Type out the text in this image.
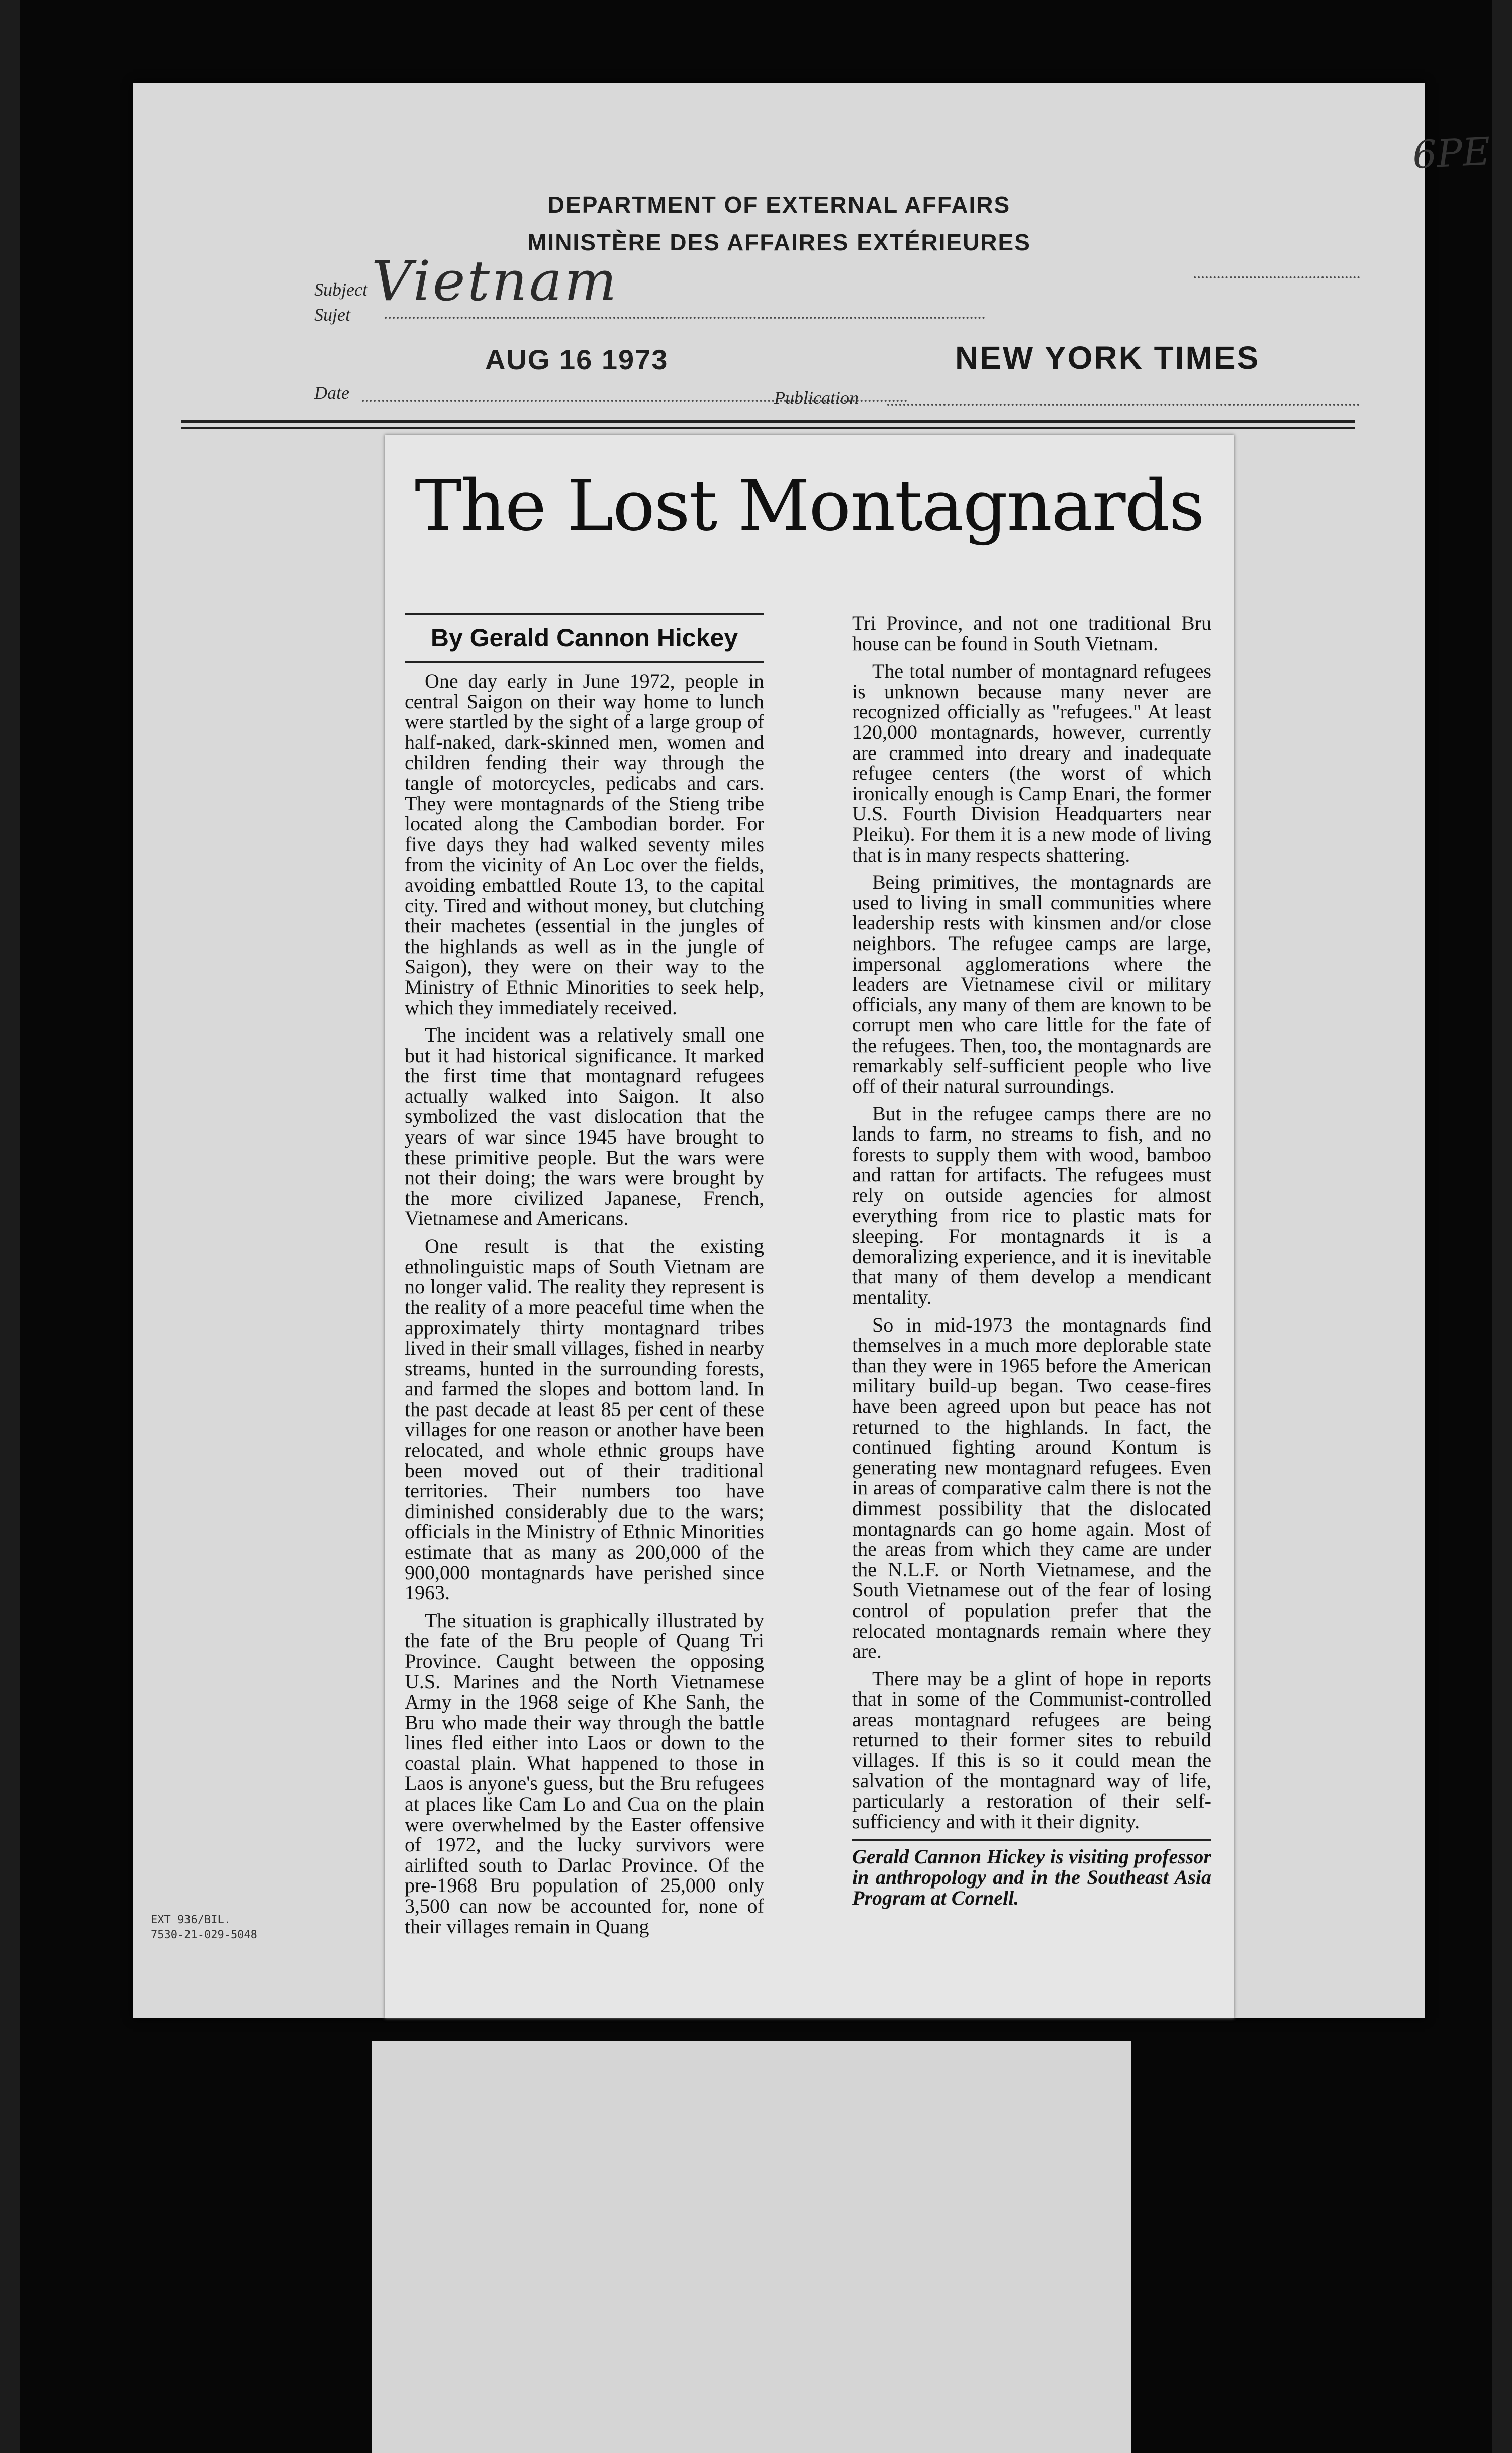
6PE
DEPARTMENT OF EXTERNAL AFFAIRS
MINISTÈRE DES AFFAIRES EXTÉRIEURES
Subject
Sujet
Vietnam
AUG 16 1973	NEW YORK TIMES
Date	Publication
The Lost Montagnards
By Gerald Cannon Hickey

One day early in June 1972, people in central Saigon on their way home to lunch were startled by the sight of a large group of half-naked, dark-skinned men, women and children fending their way through the tangle of motorcycles, pedicabs and cars. They were montagnards of the Stieng tribe located along the Cambodian border. For five days they had walked seventy miles from the vicinity of An Loc over the fields, avoiding embattled Route 13, to the capital city. Tired and without money, but clutching their machetes (essential in the jungles of the highlands as well as in the jungle of Saigon), they were on their way to the Ministry of Ethnic Minorities to seek help, which they immediately received.

The incident was a relatively small one but it had historical significance. It marked the first time that montagnard refugees actually walked into Saigon. It also symbolized the vast dislocation that the years of war since 1945 have brought to these primitive people. But the wars were not their doing; the wars were brought by the more civilized Japanese, French, Vietnamese and Americans.

One result is that the existing ethnolinguistic maps of South Vietnam are no longer valid. The reality they represent is the reality of a more peaceful time when the approximately thirty montagnard tribes lived in their small villages, fished in nearby streams, hunted in the surrounding forests, and farmed the slopes and bottom land. In the past decade at least 85 per cent of these villages for one reason or another have been relocated, and whole ethnic groups have been moved out of their traditional territories. Their numbers too have diminished considerably due to the wars; officials in the Ministry of Ethnic Minorities estimate that as many as 200,000 of the 900,000 montagnards have perished since 1963.

The situation is graphically illustrated by the fate of the Bru people of Quang Tri Province. Caught between the opposing U.S. Marines and the North Vietnamese Army in the 1968 seige of Khe Sanh, the Bru who made their way through the battle lines fled either into Laos or down to the coastal plain. What happened to those in Laos is anyone's guess, but the Bru refugees at places like Cam Lo and Cua on the plain were overwhelmed by the Easter offensive of 1972, and the lucky survivors were airlifted south to Darlac Province. Of the pre-1968 Bru population of 25,000 only 3,500 can now be accounted for, none of their villages remain in Quang

Tri Province, and not one traditional Bru house can be found in South Vietnam.

The total number of montagnard refugees is unknown because many never are recognized officially as "refugees." At least 120,000 montagnards, however, currently are crammed into dreary and inadequate refugee centers (the worst of which ironically enough is Camp Enari, the former U.S. Fourth Division Headquarters near Pleiku). For them it is a new mode of living that is in many respects shattering.

Being primitives, the montagnards are used to living in small communities where leadership rests with kinsmen and/or close neighbors. The refugee camps are large, impersonal agglomerations where the leaders are Vietnamese civil or military officials, any many of them are known to be corrupt men who care little for the fate of the refugees. Then, too, the montagnards are remarkably self-sufficient people who live off of their natural surroundings.

But in the refugee camps there are no lands to farm, no streams to fish, and no forests to supply them with wood, bamboo and rattan for artifacts. The refugees must rely on outside agencies for almost everything from rice to plastic mats for sleeping. For montagnards it is a demoralizing experience, and it is inevitable that many of them develop a mendicant mentality.

So in mid-1973 the montagnards find themselves in a much more deplorable state than they were in 1965 before the American military build-up began. Two cease-fires have been agreed upon but peace has not returned to the highlands. In fact, the continued fighting around Kontum is generating new montagnard refugees. Even in areas of comparative calm there is not the dimmest possibility that the dislocated montagnards can go home again. Most of the areas from which they came are under the N.L.F. or North Vietnamese, and the South Vietnamese out of the fear of losing control of population prefer that the relocated montagnards remain where they are.

There may be a glint of hope in reports that in some of the Communist-controlled areas montagnard refugees are being returned to their former sites to rebuild villages. If this is so it could mean the salvation of the montagnard way of life, particularly a restoration of their self-sufficiency and with it their dignity.

Gerald Cannon Hickey is visiting professor in anthropology and in the Southeast Asia Program at Cornell.

EXT 936/BIL.
7530-21-029-5048
